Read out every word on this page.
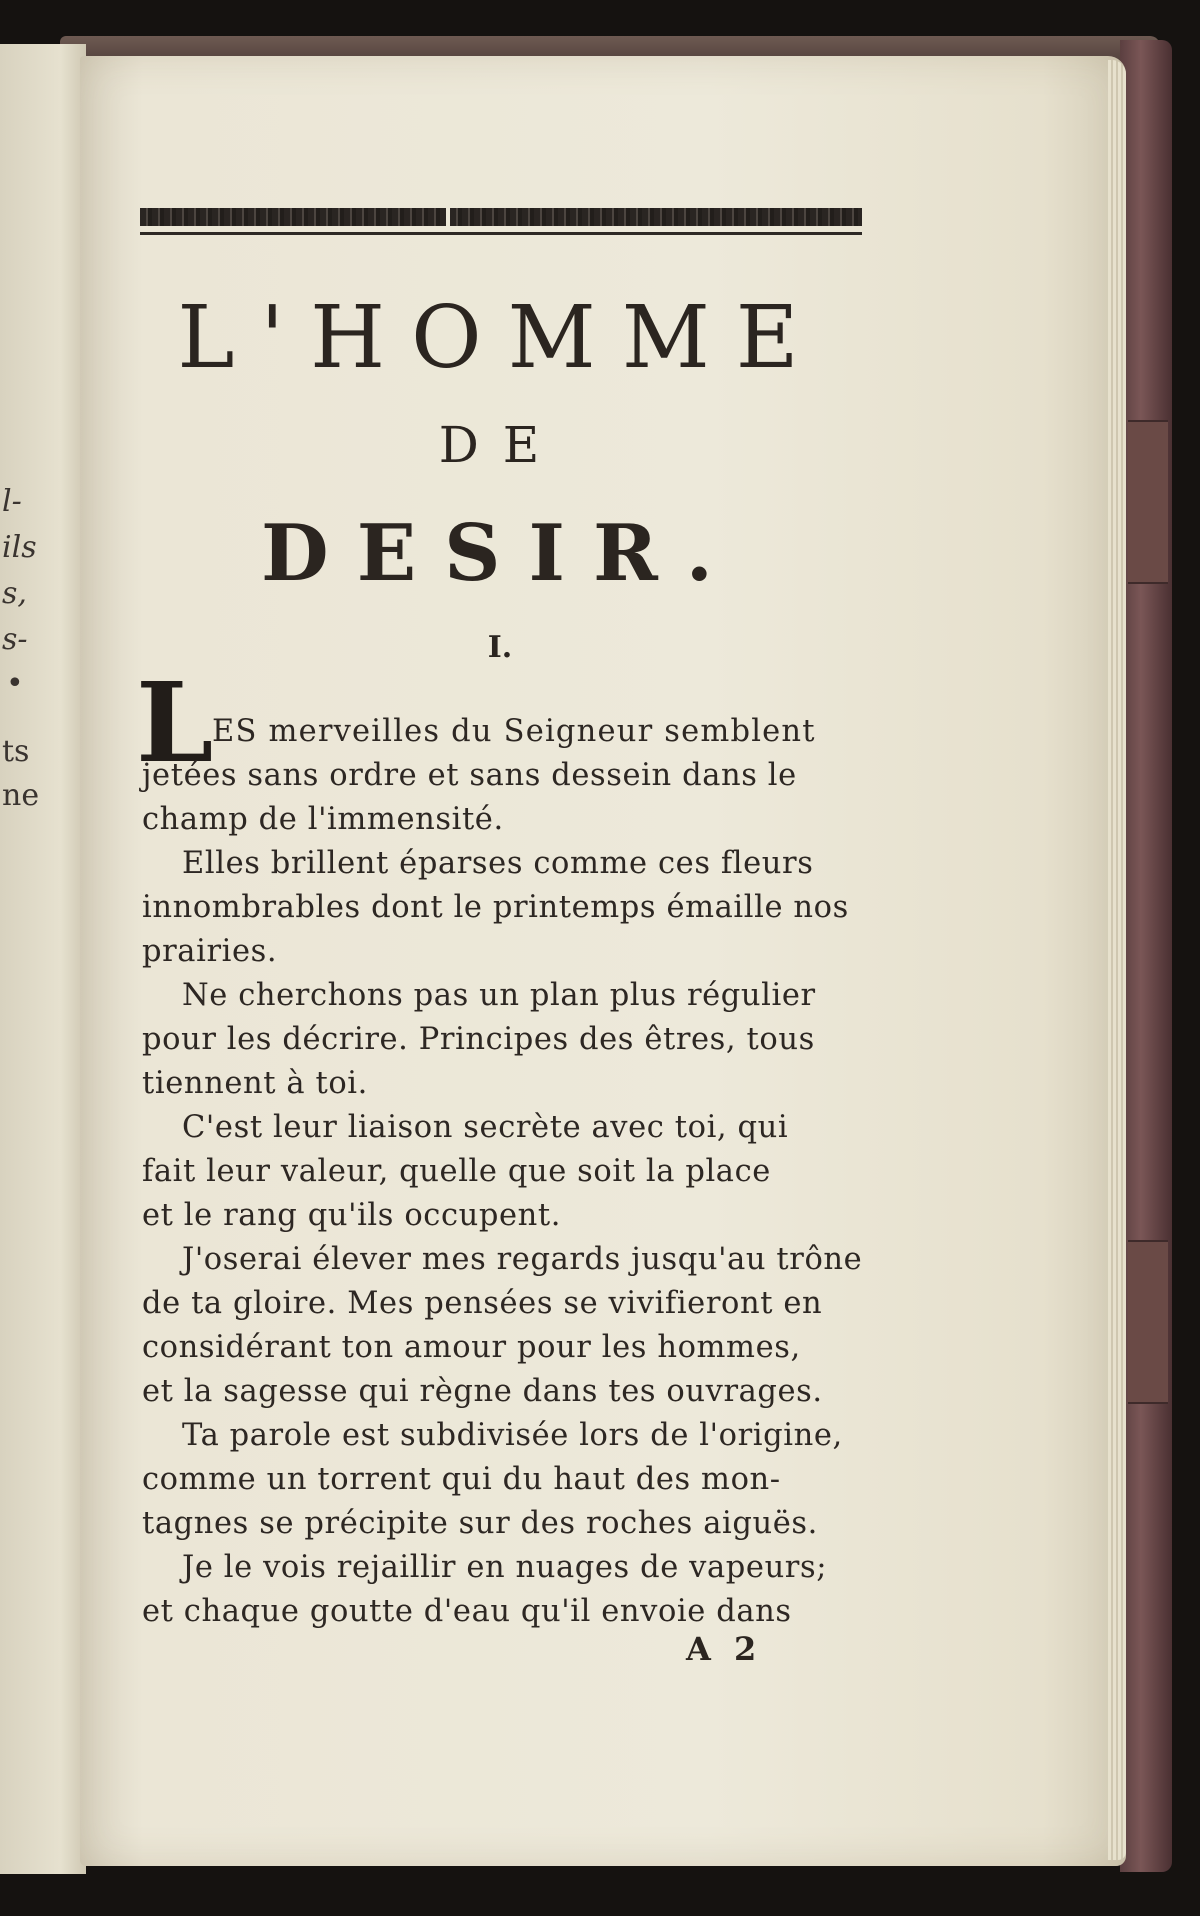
l-
ils
s,
s-
•
ts
ne
L'HOMME
DE
DESIR.
I.
L
ES merveilles du Seigneur semblent
jetées sans ordre et sans dessein dans le
champ de l'immensité.
Elles brillent éparses comme ces fleurs
innombrables dont le printemps émaille nos
prairies.
Ne cherchons pas un plan plus régulier
pour les décrire. Principes des êtres, tous
tiennent à toi.
C'est leur liaison secrète avec toi, qui
fait leur valeur, quelle que soit la place
et le rang qu'ils occupent.
J'oserai élever mes regards jusqu'au trône
de ta gloire. Mes pensées se vivifieront en
considérant ton amour pour les hommes,
et la sagesse qui règne dans tes ouvrages.
Ta parole est subdivisée lors de l'origine,
comme un torrent qui du haut des mon-
tagnes se précipite sur des roches aiguës.
Je le vois rejaillir en nuages de vapeurs;
et chaque goutte d'eau qu'il envoie dans
A 2
